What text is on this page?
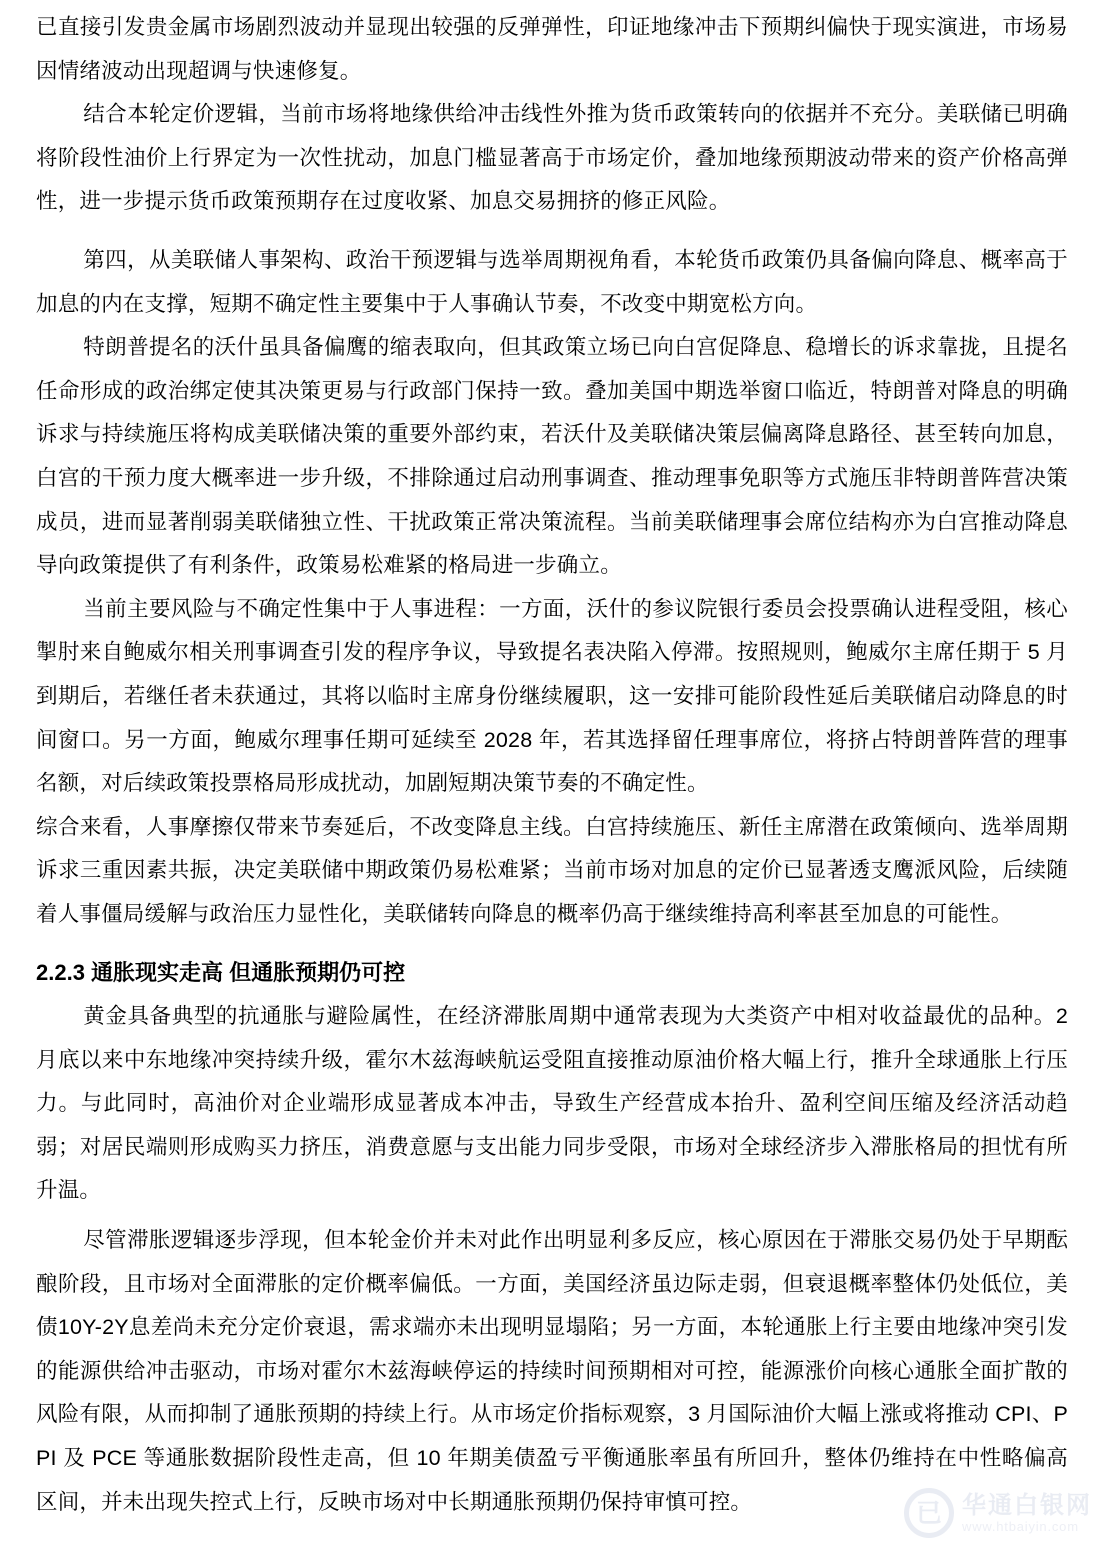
已直接引发贵金属市场剧烈波动并显现出较强的反弹弹性，印证地缘冲击下预期纠偏快于现实演进，市场易因情绪波动出现超调与快速修复。

结合本轮定价逻辑，当前市场将地缘供给冲击线性外推为货币政策转向的依据并不充分。美联储已明确将阶段性油价上行界定为一次性扰动，加息门槛显著高于市场定价，叠加地缘预期波动带来的资产价格高弹性，进一步提示货币政策预期存在过度收紧、加息交易拥挤的修正风险。

第四，从美联储人事架构、政治干预逻辑与选举周期视角看，本轮货币政策仍具备偏向降息、概率高于加息的内在支撑，短期不确定性主要集中于人事确认节奏，不改变中期宽松方向。

特朗普提名的沃什虽具备偏鹰的缩表取向，但其政策立场已向白宫促降息、稳增长的诉求靠拢，且提名任命形成的政治绑定使其决策更易与行政部门保持一致。叠加美国中期选举窗口临近，特朗普对降息的明确诉求与持续施压将构成美联储决策的重要外部约束，若沃什及美联储决策层偏离降息路径、甚至转向加息，白宫的干预力度大概率进一步升级，不排除通过启动刑事调查、推动理事免职等方式施压非特朗普阵营决策成员，进而显著削弱美联储独立性、干扰政策正常决策流程。当前美联储理事会席位结构亦为白宫推动降息导向政策提供了有利条件，政策易松难紧的格局进一步确立。

当前主要风险与不确定性集中于人事进程：一方面，沃什的参议院银行委员会投票确认进程受阻，核心掣肘来自鲍威尔相关刑事调查引发的程序争议，导致提名表决陷入停滞。按照规则，鲍威尔主席任期于 5 月到期后，若继任者未获通过，其将以临时主席身份继续履职，这一安排可能阶段性延后美联储启动降息的时间窗口。另一方面，鲍威尔理事任期可延续至 2028 年，若其选择留任理事席位，将挤占特朗普阵营的理事名额，对后续政策投票格局形成扰动，加剧短期决策节奏的不确定性。

综合来看，人事摩擦仅带来节奏延后，不改变降息主线。白宫持续施压、新任主席潜在政策倾向、选举周期诉求三重因素共振，决定美联储中期政策仍易松难紧；当前市场对加息的定价已显著透支鹰派风险，后续随着人事僵局缓解与政治压力显性化，美联储转向降息的概率仍高于继续维持高利率甚至加息的可能性。

2.2.3 通胀现实走高 但通胀预期仍可控

黄金具备典型的抗通胀与避险属性，在经济滞胀周期中通常表现为大类资产中相对收益最优的品种。2 月底以来中东地缘冲突持续升级，霍尔木兹海峡航运受阻直接推动原油价格大幅上行，推升全球通胀上行压力。与此同时，高油价对企业端形成显著成本冲击，导致生产经营成本抬升、盈利空间压缩及经济活动趋弱；对居民端则形成购买力挤压，消费意愿与支出能力同步受限，市场对全球经济步入滞胀格局的担忧有所升温。

尽管滞胀逻辑逐步浮现，但本轮金价并未对此作出明显利多反应，核心原因在于滞胀交易仍处于早期酝酿阶段，且市场对全面滞胀的定价概率偏低。一方面，美国经济虽边际走弱，但衰退概率整体仍处低位，美债10Y-2Y息差尚未充分定价衰退，需求端亦未出现明显塌陷；另一方面，本轮通胀上行主要由地缘冲突引发的能源供给冲击驱动，市场对霍尔木兹海峡停运的持续时间预期相对可控，能源涨价向核心通胀全面扩散的风险有限，从而抑制了通胀预期的持续上行。从市场定价指标观察，3 月国际油价大幅上涨或将推动 CPI、PPI 及 PCE 等通胀数据阶段性走高，但 10 年期美债盈亏平衡通胀率虽有所回升，整体仍维持在中性略偏高区间，并未出现失控式上行，反映市场对中长期通胀预期仍保持审慎可控。	已 华通白银网
www.htbaiyin.com
